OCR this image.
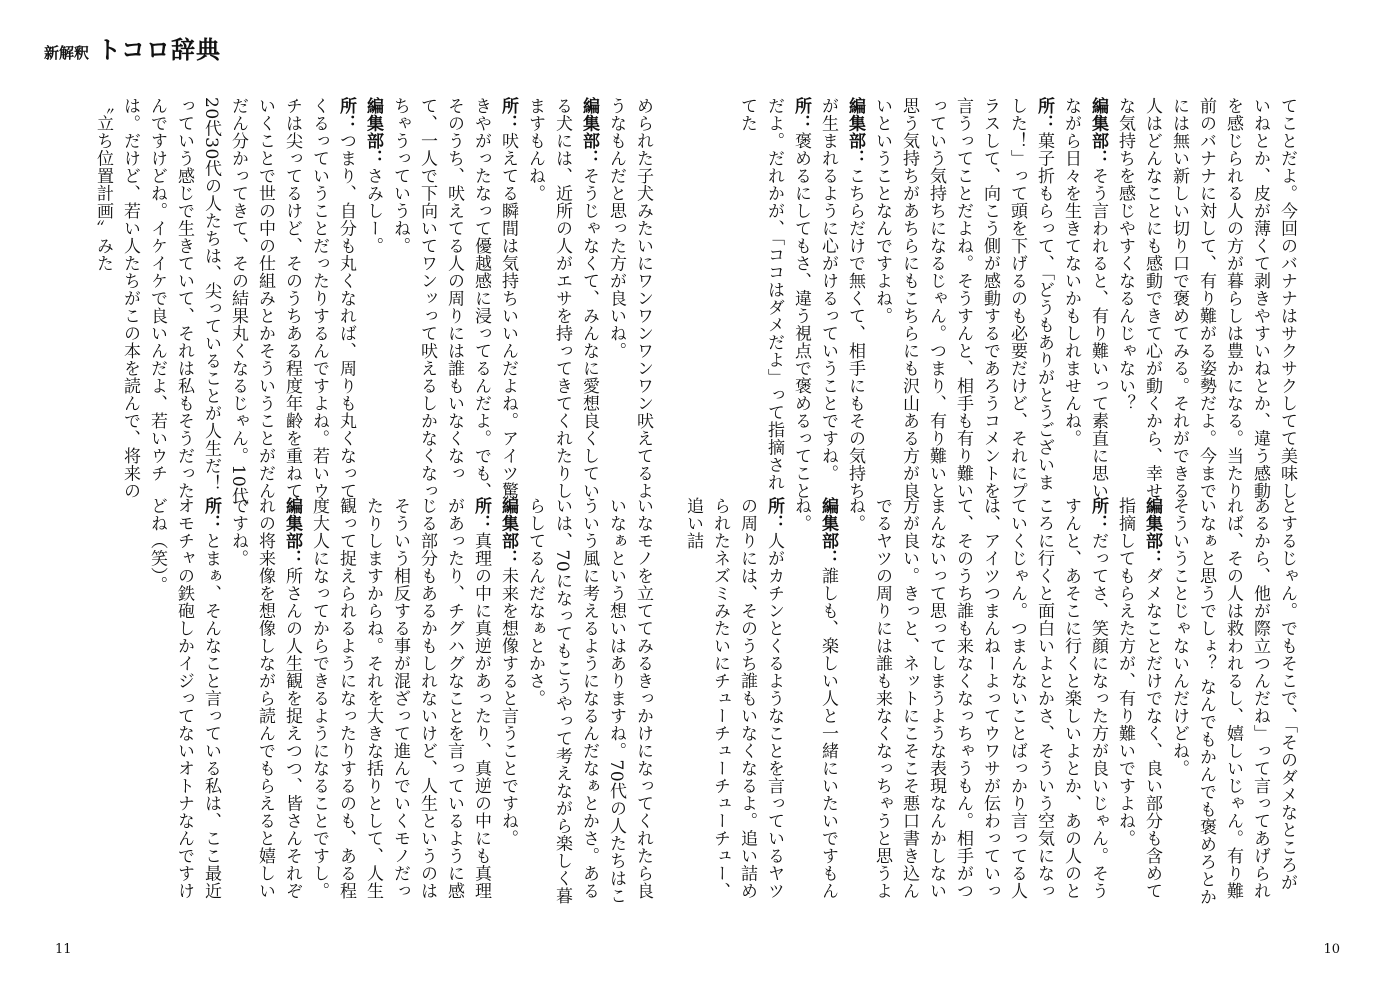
新解釈 トコロ辞典

てことだよ。今回のバナナはサクサクしてて美味しいねとか、皮が薄くて剥きやすいねとか、違う感動を感じられる人の方が暮らしは豊かになる。当たり前のバナナに対して、有り難がる姿勢だよ。今までには無い新しい切り口で褒めてみる。それができる人はどんなことにも感動できて心が動くから、幸せな気持ちを感じやすくなるんじゃない？

編集部：そう言われると、有り難いって素直に思いながら日々を生きてないかもしれませんね。

所：菓子折もらって、「どうもありがとうございました！」って頭を下げるのも必要だけど、それにプラスして、向こう側が感動するであろうコメントを言うってことだよね。そうすんと、相手も有り難いっていう気持ちになるじゃん。つまり、有り難いと思う気持ちがあちらにもこちらにも沢山ある方が良いということなんですよね。

編集部：こちらだけで無くて、相手にもその気持ちが生まれるように心がけるっていうことですね。

所：褒めるにしてもさ、違う視点で褒めるってことだよ。だれかが、「ココはダメだよ」って指摘されてた

とするじゃん。でもそこで、「そのダメなところがあるから、他が際立つんだね」って言ってあげられれば、その人は救われるし、嬉しいじゃん。有り難いなぁと思うでしょ？ なんでもかんでも褒めろとかそういうことじゃないんだけどね。

編集部：ダメなことだけでなく、良い部分も含めて指摘してもらえた方が、有り難いですよね。

所：だってさ、笑顔になった方が良いじゃん。そうすんと、あそこに行くと楽しいよとか、あの人のところに行くと面白いよとかさ、そういう空気になっていくじゃん。つまんないことばっかり言ってる人は、アイツつまんねーよってウワサが伝わっていって、そのうち誰も来なくなっちゃうもん。相手がつまんないって思ってしまうような表現なんかしない方が良い。きっと、ネットにこそこそ悪口書き込んでるヤツの周りには誰も来なくなっちゃうと思うよね。

編集部：誰しも、楽しい人と一緒にいたいですもんね。

所：人がカチンとくるようなことを言っているヤツの周りには、そのうち誰もいなくなるよ。追い詰められたネズミみたいにチューチューチューチュー、追い詰

められた子犬みたいにワンワンワンワン吠えてるようなもんだと思った方が良いね。

編集部：そうじゃなくて、みんなに愛想良くしている犬には、近所の人がエサを持ってきてくれたりしますもんね。

所：吠えてる瞬間は気持ちいいんだよね。アイツ驚きやがったなって優越感に浸ってるんだよ。でも、そのうち、吠えてる人の周りには誰もいなくなって、一人で下向いてワンッって吠えるしかなくなっちゃうっていうね。

編集部：さみしー。

所：つまり、自分も丸くなれば、周りも丸くなってくるっていうことだったりするんですよね。若いウチは尖ってるけど、そのうちある程度年齢を重ねていくことで世の中の仕組みとかそういうことがだんだん分かってきて、その結果丸くなるじゃん。10代20代30代の人たちは、尖っていることが人生だ！っていう感じで生きていて、それは私もそうだったんですけどね。イケイケで良いんだよ、若いウチは。だけど、若い人たちがこの本を読んで、将来の〝立ち位置計画〟みた

いなモノを立ててみるきっかけになってくれたら良いなぁという想いはありますね。70代の人たちはこういう風に考えるようになるんだなぁとかさ。あるいは、70になってもこうやって考えながら楽しく暮らしてるんだなぁとかさ。

編集部：未来を想像すると言うことですね。

所：真理の中に真逆があったり、真逆の中にも真理があったり、チグハグなことを言っているように感じる部分もあるかもしれないけど、人生というのはそういう相反する事が混ざって進んでいくモノだったりしますからね。それを大きな括りとして、人生観って捉えられるようになったりするのも、ある程度大人になってからできるようになることですし。

編集部：所さんの人生観を捉えつつ、皆さんそれぞれの将来像を想像しながら読んでもらえると嬉しいですね。

所：とまぁ、そんなこと言っている私は、ここ最近オモチャの鉄砲しかイジってないオトナなんですけどね（笑）。

11	10
